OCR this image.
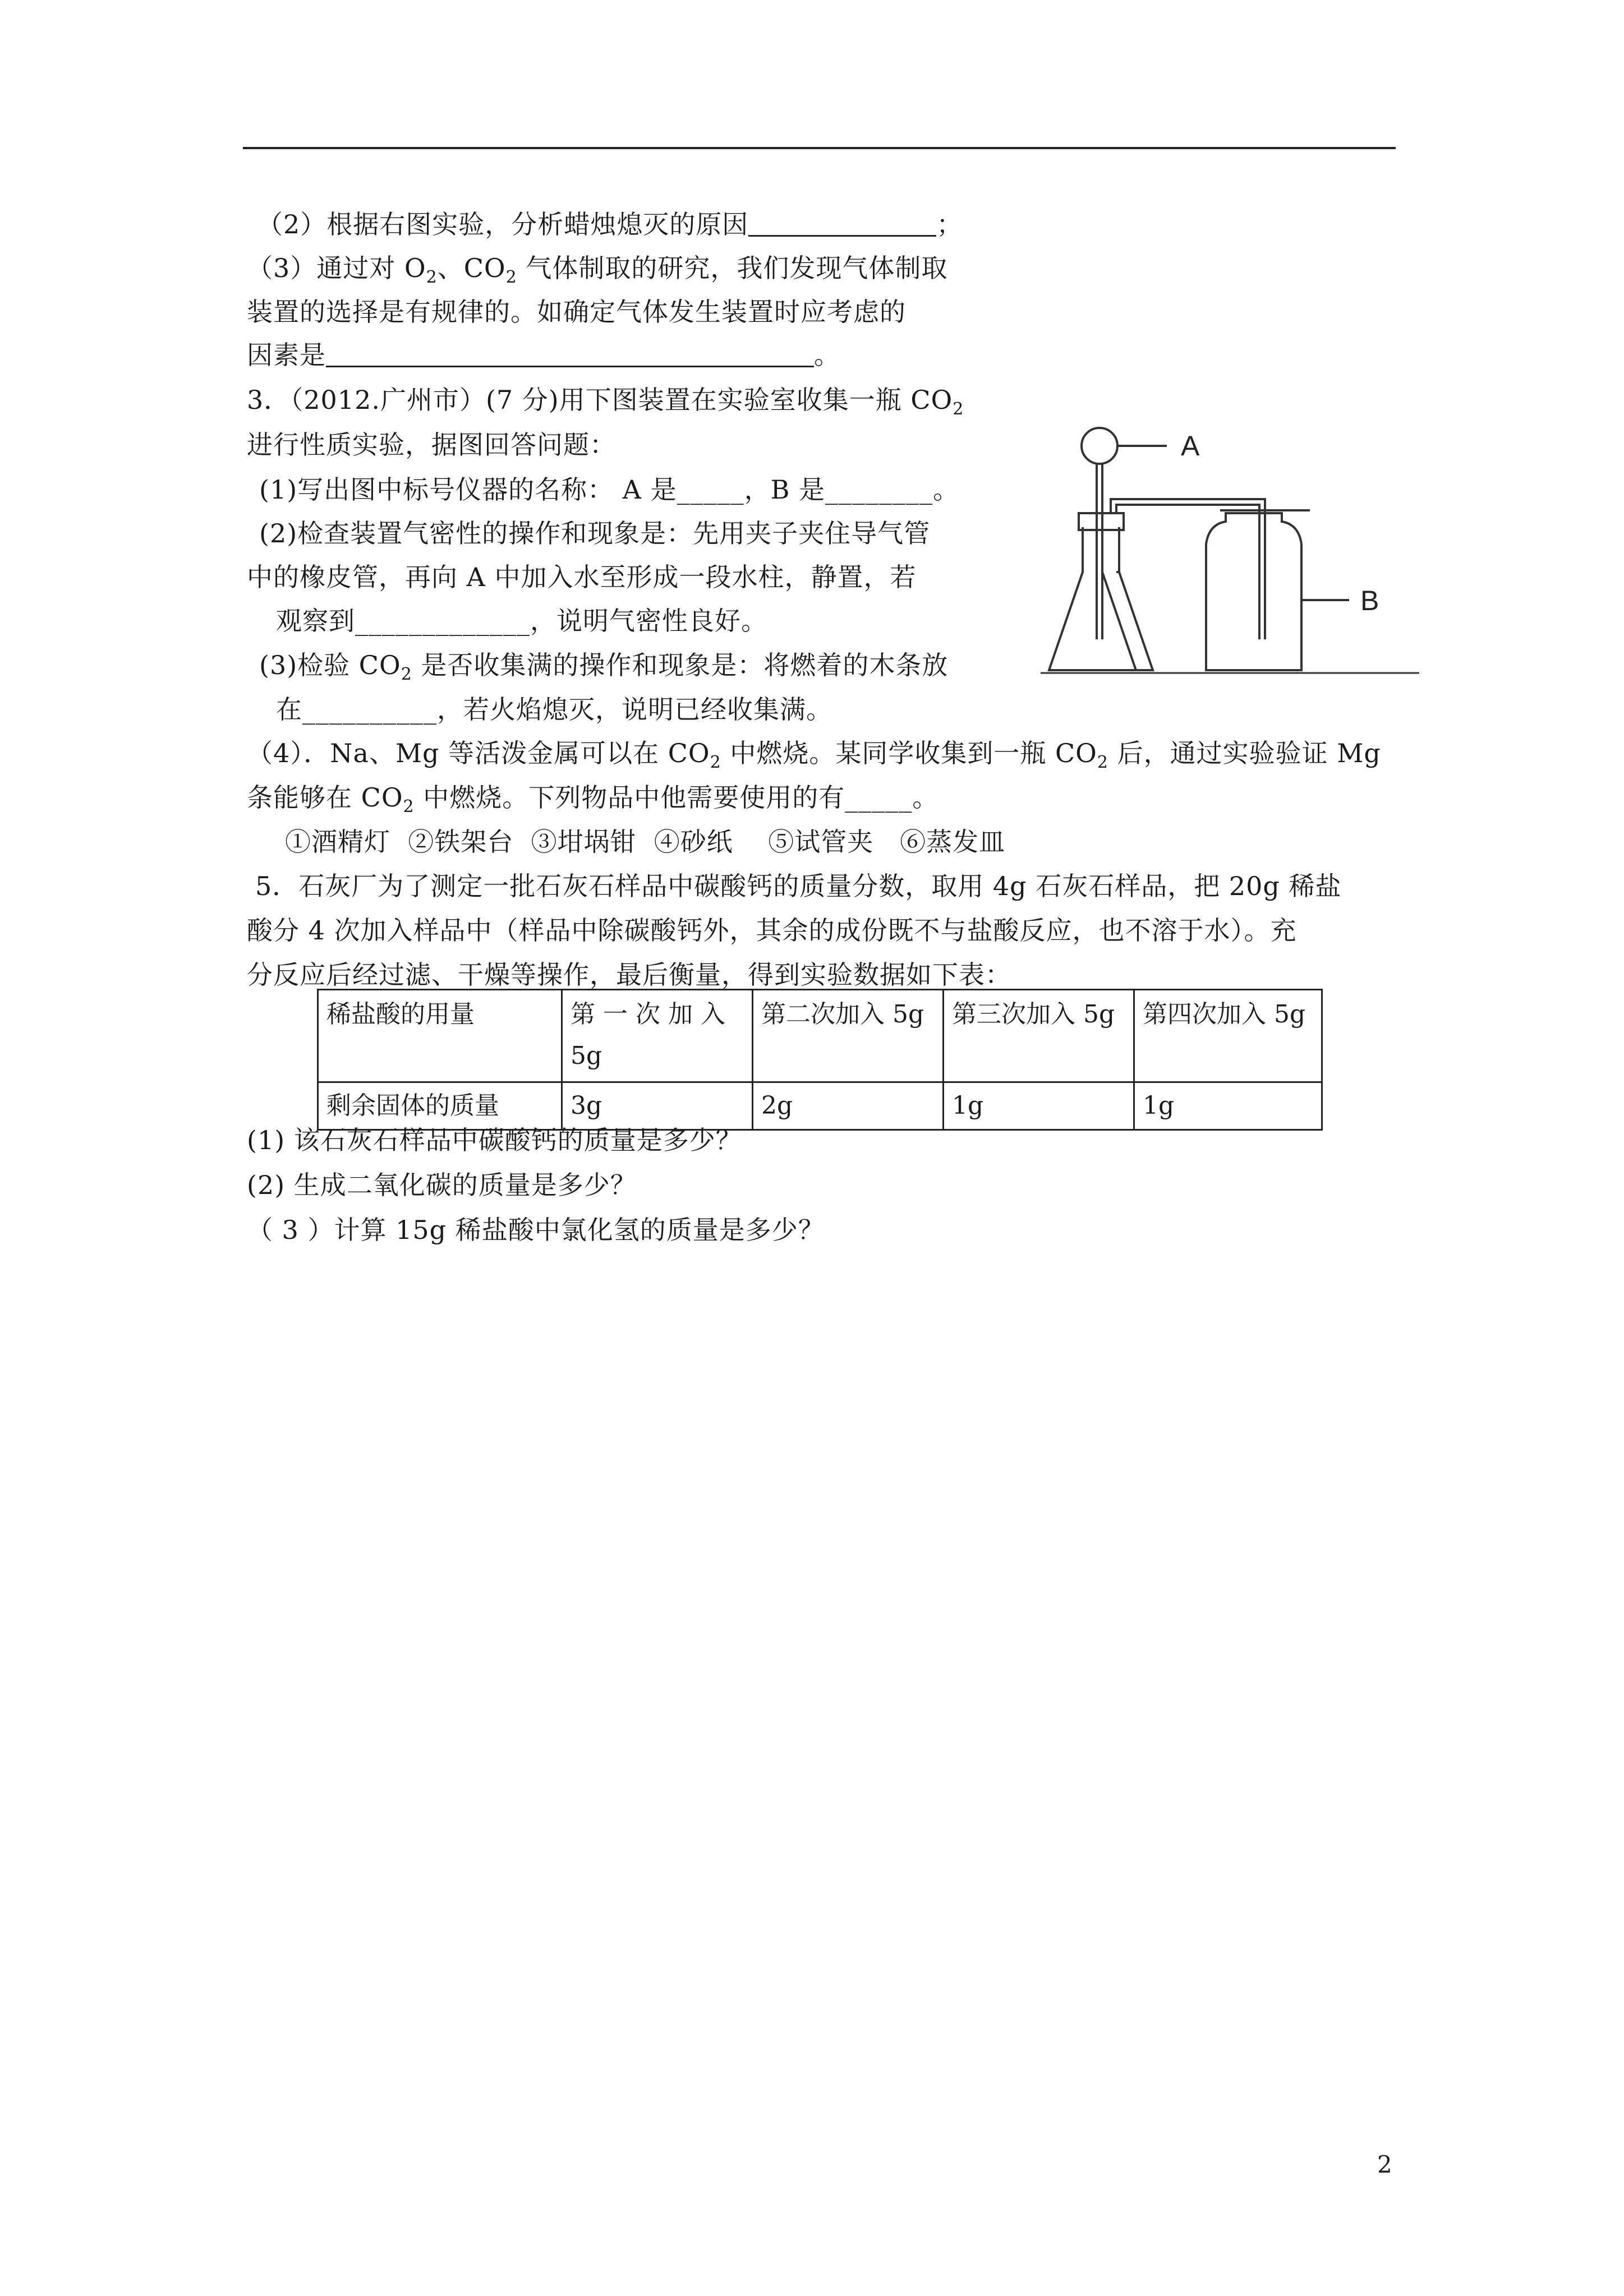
（2）根据右图实验，分析蜡烛熄灭的原因	；
（3）通过对 $O_2$、$CO_2$ 气体制取的研究，我们发现气体制取
装置的选择是有规律的。如确定气体发生装置时应考虑的
因素是	。
3．（2012.广州市）(7 分)用下图装置在实验室收集一瓶 $CO_2$
进行性质实验，据图回答问题：
(1)写出图中标号仪器的名称： A 是_____，B 是________。
(2)检查装置气密性的操作和现象是：先用夹子夹住导气管
中的橡皮管，再向 A 中加入水至形成一段水柱，静置，若
观察到_____________，说明气密性良好。
(3)检验 $CO_2$ 是否收集满的操作和现象是：将燃着的木条放
在__________，若火焰熄灭，说明已经收集满。
A
B
（4）．Na、Mg 等活泼金属可以在 $CO_2$ 中燃烧。某同学收集到一瓶 $CO_2$ 后，通过实验验证 Mg
条能够在 $CO_2$ 中燃烧。下列物品中他需要使用的有_____。
①酒精灯  ②铁架台  ③坩埚钳  ④砂纸    ⑤试管夹   ⑥蒸发皿
5．石灰厂为了测定一批石灰石样品中碳酸钙的质量分数，取用 4g 石灰石样品，把 20g 稀盐
酸分 4 次加入样品中（样品中除碳酸钙外，其余的成份既不与盐酸反应，也不溶于水）。充
分反应后经过滤、干燥等操作，最后衡量，得到实验数据如下表：
稀盐酸的用量	第 一 次 加 入 5g	第二次加入 5g	第三次加入 5g	第四次加入 5g
剩余固体的质量	3g	2g	1g	1g
(1) 该石灰石样品中碳酸钙的质量是多少？
(2) 生成二氧化碳的质量是多少？
（ 3 ）计算 15g 稀盐酸中氯化氢的质量是多少？
2
